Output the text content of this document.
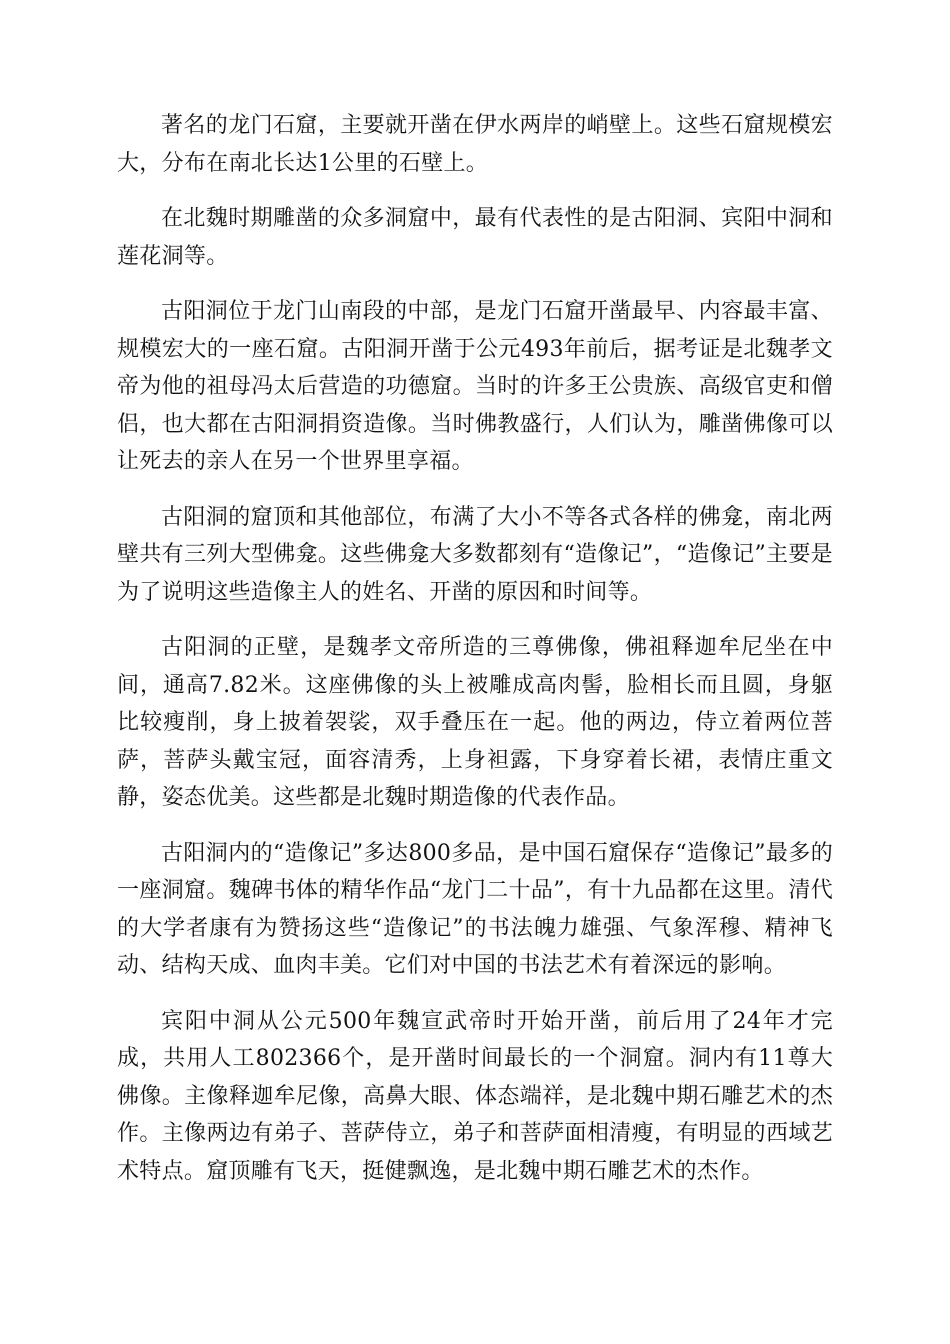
著名的龙门石窟，主要就开凿在伊水两岸的峭壁上。这些石窟规模宏大，分布在南北长达1公里的石壁上。

在北魏时期雕凿的众多洞窟中，最有代表性的是古阳洞、宾阳中洞和莲花洞等。

古阳洞位于龙门山南段的中部，是龙门石窟开凿最早、内容最丰富、规模宏大的一座石窟。古阳洞开凿于公元493年前后，据考证是北魏孝文帝为他的祖母冯太后营造的功德窟。当时的许多王公贵族、高级官吏和僧侣，也大都在古阳洞捐资造像。当时佛教盛行，人们认为，雕凿佛像可以让死去的亲人在另一个世界里享福。

古阳洞的窟顶和其他部位，布满了大小不等各式各样的佛龛，南北两壁共有三列大型佛龛。这些佛龛大多数都刻有“造像记”，“造像记”主要是为了说明这些造像主人的姓名、开凿的原因和时间等。

古阳洞的正壁，是魏孝文帝所造的三尊佛像，佛祖释迦牟尼坐在中间，通高7.82米。这座佛像的头上被雕成高肉髻，脸相长而且圆，身躯比较瘦削，身上披着袈裟，双手叠压在一起。他的两边，侍立着两位菩萨，菩萨头戴宝冠，面容清秀，上身袒露，下身穿着长裙，表情庄重文静，姿态优美。这些都是北魏时期造像的代表作品。

古阳洞内的“造像记”多达800多品，是中国石窟保存“造像记”最多的一座洞窟。魏碑书体的精华作品“龙门二十品”，有十九品都在这里。清代的大学者康有为赞扬这些“造像记”的书法魄力雄强、气象浑穆、精神飞动、结构天成、血肉丰美。它们对中国的书法艺术有着深远的影响。

宾阳中洞从公元500年魏宣武帝时开始开凿，前后用了24年才完成，共用人工802366个，是开凿时间最长的一个洞窟。洞内有11尊大佛像。主像释迦牟尼像，高鼻大眼、体态端祥，是北魏中期石雕艺术的杰作。主像两边有弟子、菩萨侍立，弟子和菩萨面相清瘦，有明显的西域艺术特点。窟顶雕有飞天，挺健飘逸，是北魏中期石雕艺术的杰作。
